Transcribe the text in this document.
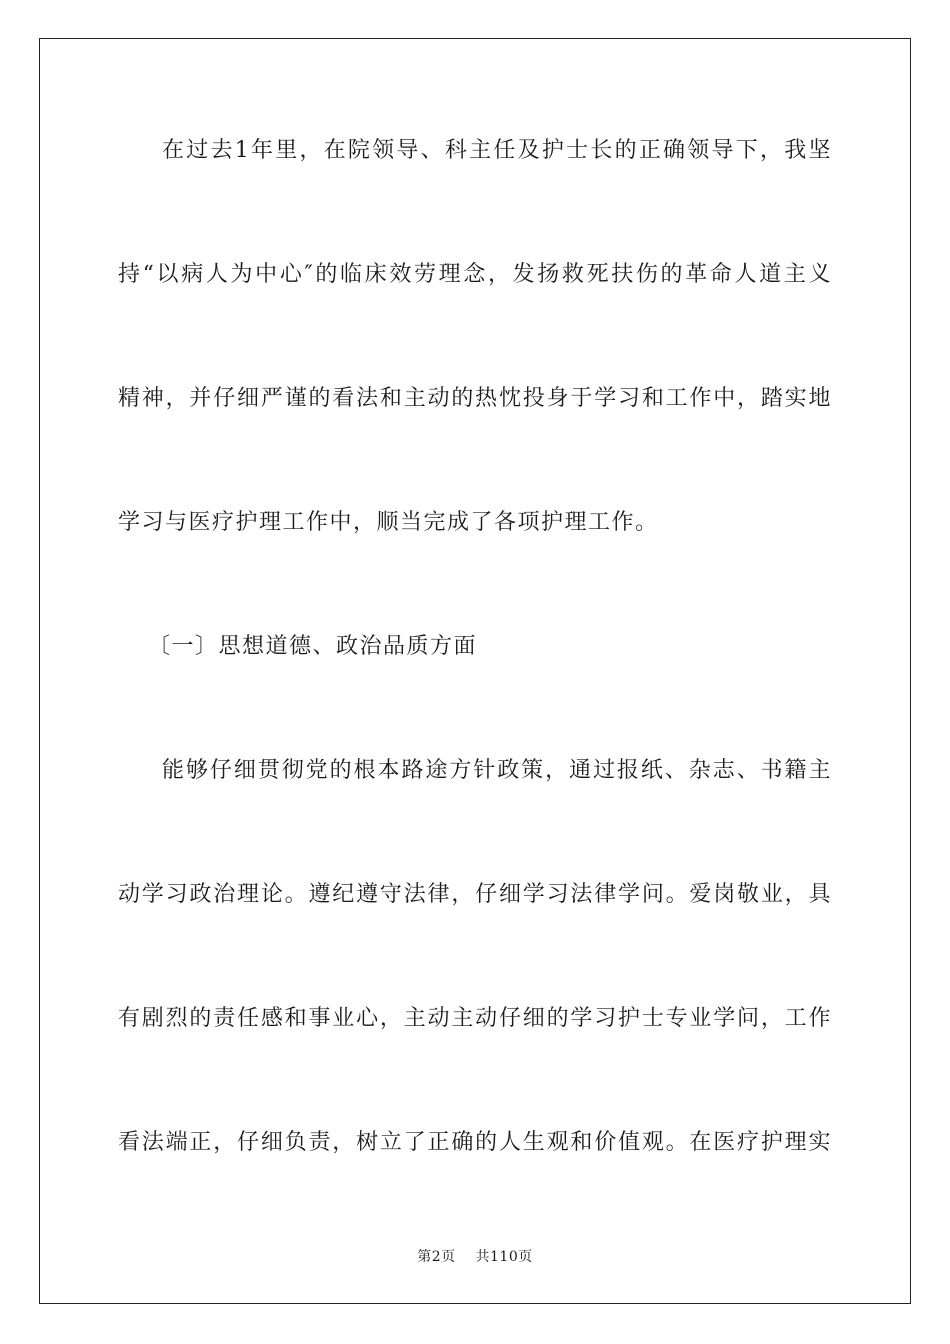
在过去1年里，在院领导、科主任及护士长的正确领导下，我坚
持“以病人为中心″的临床效劳理念，发扬救死扶伤的革命人道主义
精神，并仔细严谨的看法和主动的热忱投身于学习和工作中，踏实地
学习与医疗护理工作中，顺当完成了各项护理工作。
〔一〕思想道德、政治品质方面
能够仔细贯彻党的根本路途方针政策，通过报纸、杂志、书籍主
动学习政治理论。遵纪遵守法律，仔细学习法律学问。爱岗敬业，具
有剧烈的责任感和事业心，主动主动仔细的学习护士专业学问，工作
看法端正，仔细负责，树立了正确的人生观和价值观。在医疗护理实
第2页 共110页
